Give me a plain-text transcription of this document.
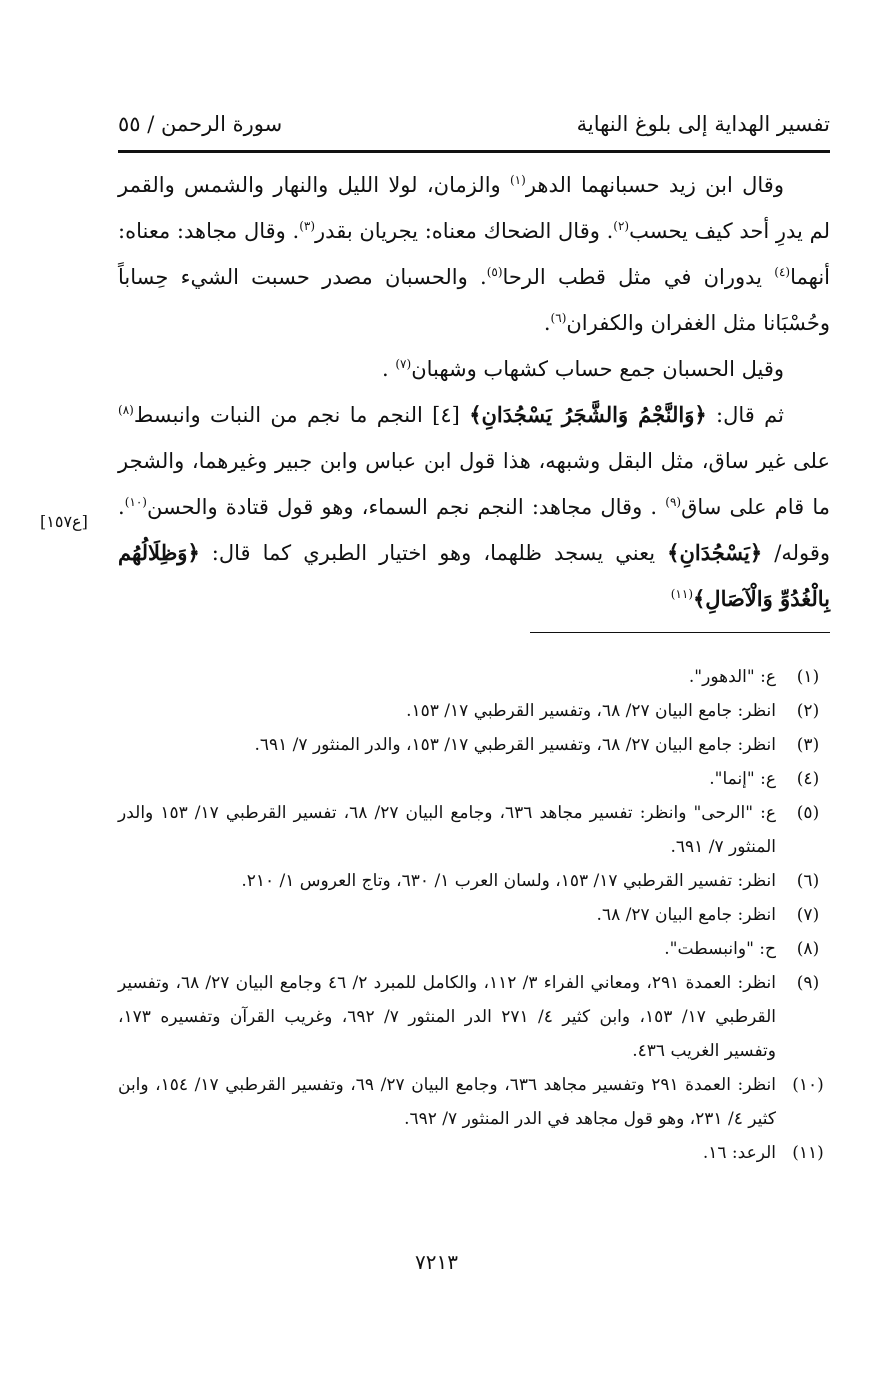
تفسير الهداية إلى بلوغ النهاية
سورة الرحمن / ٥٥

وقال ابن زيد حسبانهما الدهر$^{(١)}$ والزمان، لولا الليل والنهار والشمس والقمر لم يدرِ أحد كيف يحسب$^{(٢)}$. وقال الضحاك معناه: يجريان بقدر$^{(٣)}$. وقال مجاهد: معناه: أنهما$^{(٤)}$ يدوران في مثل قطب الرحا$^{(٥)}$. والحسبان مصدر حسبت الشيء حِساباً وحُسْبَانا مثل الغفران والكفران$^{(٦)}$.

وقيل الحسبان جمع حساب كشهاب وشهبان$^{(٧)}$ .

ثم قال: ﴿وَالنَّجْمُ وَالشَّجَرُ يَسْجُدَانِ﴾ [٤] النجم ما نجم من النبات وانبسط$^{(٨)}$ على غير ساق، مثل البقل وشبهه، هذا قول ابن عباس وابن جبير وغيرهما، والشجر ما قام على ساق$^{(٩)}$ . وقال مجاهد: النجم نجم السماء، وهو قول قتادة والحسن$^{(١٠)}$. وقوله/ ﴿يَسْجُدَانِ﴾ يعني يسجد ظلهما، وهو اختيار الطبري كما قال: ﴿وَظِلَالُهُم بِالْغُدُوِّ وَالْآصَالِ﴾$^{(١١)}$

[ع١٥٧]
(١)
ع: "الدهور".
(٢)
انظر: جامع البيان ٢٧/ ٦٨، وتفسير القرطبي ١٧/ ١٥٣.
(٣)
انظر: جامع البيان ٢٧/ ٦٨، وتفسير القرطبي ١٧/ ١٥٣، والدر المنثور ٧/ ٦٩١.
(٤)
ع: "إنما".
(٥)
ع: "الرحى" وانظر: تفسير مجاهد ٦٣٦، وجامع البيان ٢٧/ ٦٨، تفسير القرطبي ١٧/ ١٥٣ والدر المنثور ٧/ ٦٩١.
(٦)
انظر: تفسير القرطبي ١٧/ ١٥٣، ولسان العرب ١/ ٦٣٠، وتاج العروس ١/ ٢١٠.
(٧)
انظر: جامع البيان ٢٧/ ٦٨.
(٨)
ح: "وانبسطت".
(٩)
انظر: العمدة ٢٩١، ومعاني الفراء ٣/ ١١٢، والكامل للمبرد ٢/ ٤٦ وجامع البيان ٢٧/ ٦٨، وتفسير القرطبي ١٧/ ١٥٣، وابن كثير ٤/ ٢٧١ الدر المنثور ٧/ ٦٩٢، وغريب القرآن وتفسيره ١٧٣، وتفسير الغريب ٤٣٦.
(١٠)
انظر: العمدة ٢٩١ وتفسير مجاهد ٦٣٦، وجامع البيان ٢٧/ ٦٩، وتفسير القرطبي ١٧/ ١٥٤، وابن كثير ٤/ ٢٣١، وهو قول مجاهد في الدر المنثور ٧/ ٦٩٢.
(١١)
الرعد: ١٦.
٧٢١٣
